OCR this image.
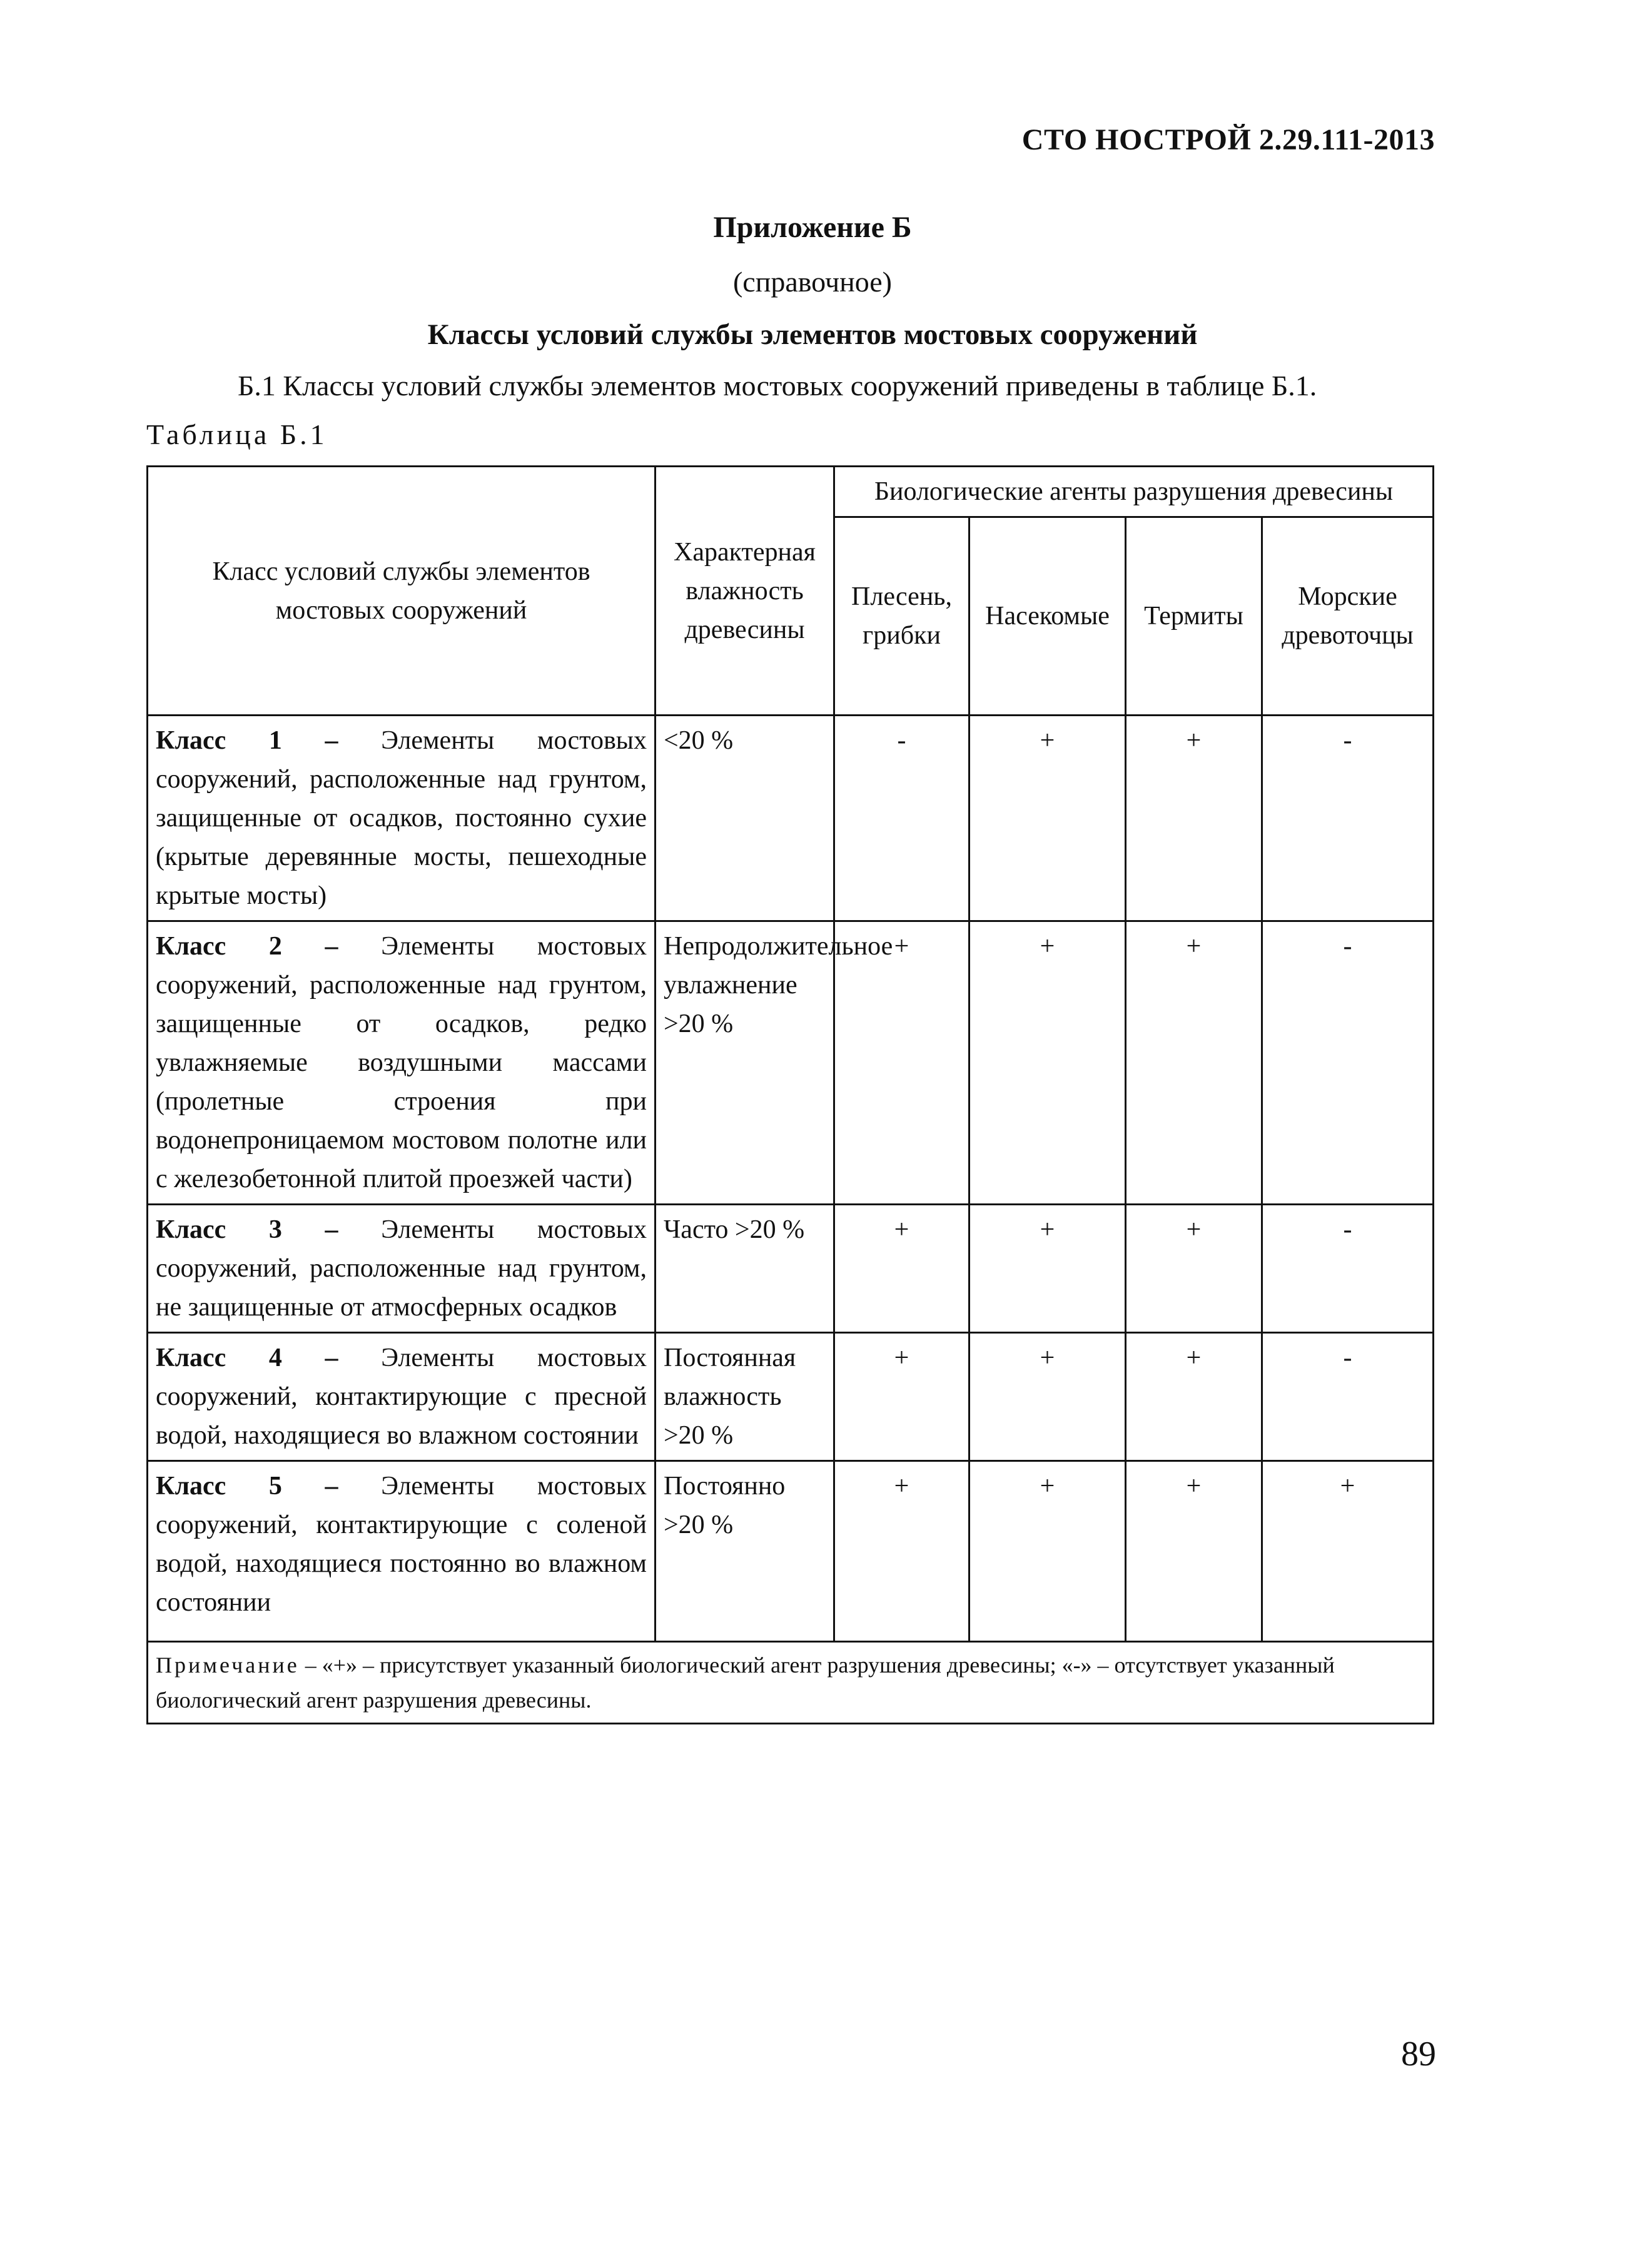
СТО НОСТРОЙ 2.29.111-2013
Приложение Б
(справочное)
Классы условий службы элементов мостовых сооружений
Б.1 Классы условий службы элементов мостовых сооружений приведены в таблице Б.1.
Таблица Б.1
Класс условий службы элементов мостовых сооружений	Характерная влажность древесины	Биологические агенты разрушения древесины			
		Плесень, грибки	Насекомые	Термиты	Морские древоточцы
Класс 1 – Элементы мостовых сооружений, расположенные над грунтом, защищенные от осадков, постоянно сухие (крытые деревянные мосты, пешеходные крытые мосты)	<20 %	-	+	+	-
Класс 2 – Элементы мостовых сооружений, расположенные над грунтом, защищенные от осадков, редко увлажняемые воздушными массами (пролетные строения при водонепроницаемом мостовом полотне или с железобетонной плитой проезжей части)	Непродолжительное увлажнение >20 %	+	+	+	-
Класс 3 – Элементы мостовых сооружений, расположенные над грунтом, не защищенные от атмосферных осадков	Часто >20 %	+	+	+	-
Класс 4 – Элементы мостовых сооружений, контактирующие с пресной водой, находящиеся во влажном состоянии	Постоянная влажность >20 %	+	+	+	-
Класс 5 – Элементы мостовых сооружений, контактирующие с соленой водой, находящиеся постоянно во влажном состоянии	Постоянно >20 %	+	+	+	+
Примечание – «+» – присутствует указанный биологический агент разрушения древесины; «-» – отсутствует указанный биологический агент разрушения древесины.					
89
